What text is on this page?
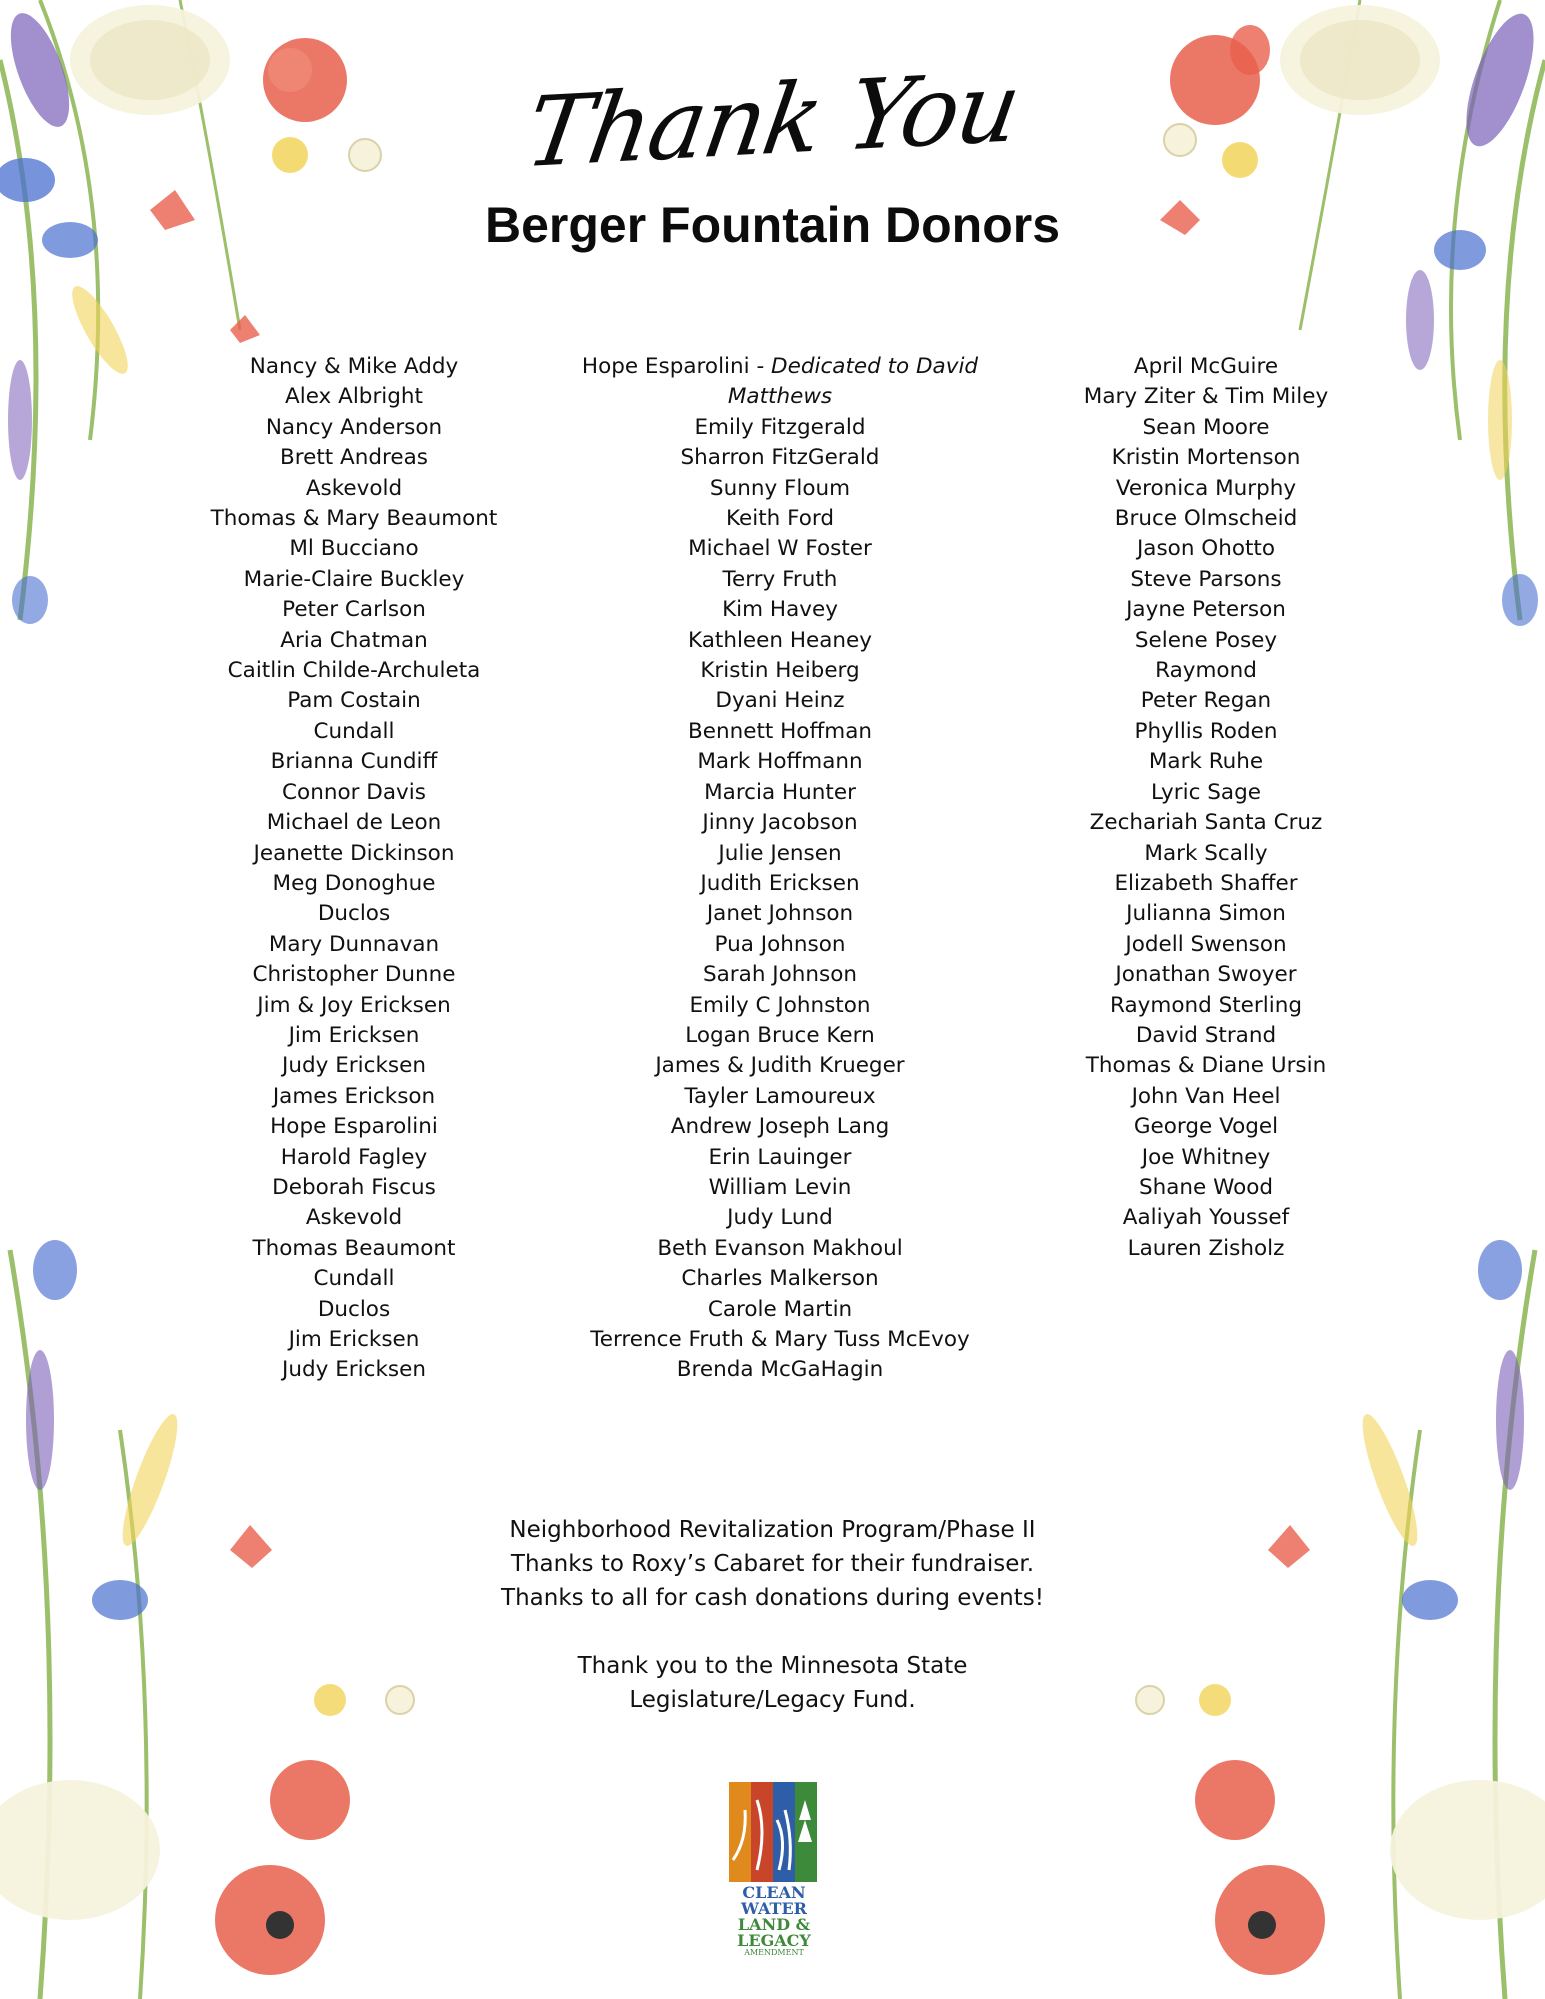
Thank You
Berger Fountain Donors
Nancy & Mike Addy
Alex Albright
Nancy Anderson
Brett Andreas
Askevold
Thomas & Mary Beaumont
Ml Bucciano
Marie-Claire Buckley
Peter Carlson
Aria Chatman
Caitlin Childe-Archuleta
Pam Costain
Cundall
Brianna Cundiff
Connor Davis
Michael de Leon
Jeanette Dickinson
Meg Donoghue
Duclos
Mary Dunnavan
Christopher Dunne
Jim & Joy Ericksen
Jim Ericksen
Judy Ericksen
James Erickson
Hope Esparolini
Harold Fagley
Deborah Fiscus
Askevold
Thomas Beaumont
Cundall
Duclos
Jim Ericksen
Judy Ericksen
Hope Esparolini - Dedicated to David Matthews
Emily Fitzgerald
Sharron FitzGerald
Sunny Floum
Keith Ford
Michael W Foster
Terry Fruth
Kim Havey
Kathleen Heaney
Kristin Heiberg
Dyani Heinz
Bennett Hoffman
Mark Hoffmann
Marcia Hunter
Jinny Jacobson
Julie Jensen
Judith Ericksen
Janet Johnson
Pua Johnson
Sarah Johnson
Emily C Johnston
Logan Bruce Kern
James & Judith Krueger
Tayler Lamoureux
Andrew Joseph Lang
Erin Lauinger
William Levin
Judy Lund
Beth Evanson Makhoul
Charles Malkerson
Carole Martin
Terrence Fruth & Mary Tuss McEvoy
Brenda McGaHagin
April McGuire
Mary Ziter & Tim Miley
Sean Moore
Kristin Mortenson
Veronica Murphy
Bruce Olmscheid
Jason Ohotto
Steve Parsons
Jayne Peterson
Selene Posey
Raymond
Peter Regan
Phyllis Roden
Mark Ruhe
Lyric Sage
Zechariah Santa Cruz
Mark Scally
Elizabeth Shaffer
Julianna Simon
Jodell Swenson
Jonathan Swoyer
Raymond Sterling
David Strand
Thomas & Diane Ursin
John Van Heel
George Vogel
Joe Whitney
Shane Wood
Aaliyah Youssef
Lauren Zisholz
Neighborhood Revitalization Program/Phase II
Thanks to Roxy’s Cabaret for their fundraiser.
Thanks to all for cash donations during events!
Thank you to the Minnesota State
Legislature/Legacy Fund.
CLEAN
WATER
LAND &
LEGACY
AMENDMENT
